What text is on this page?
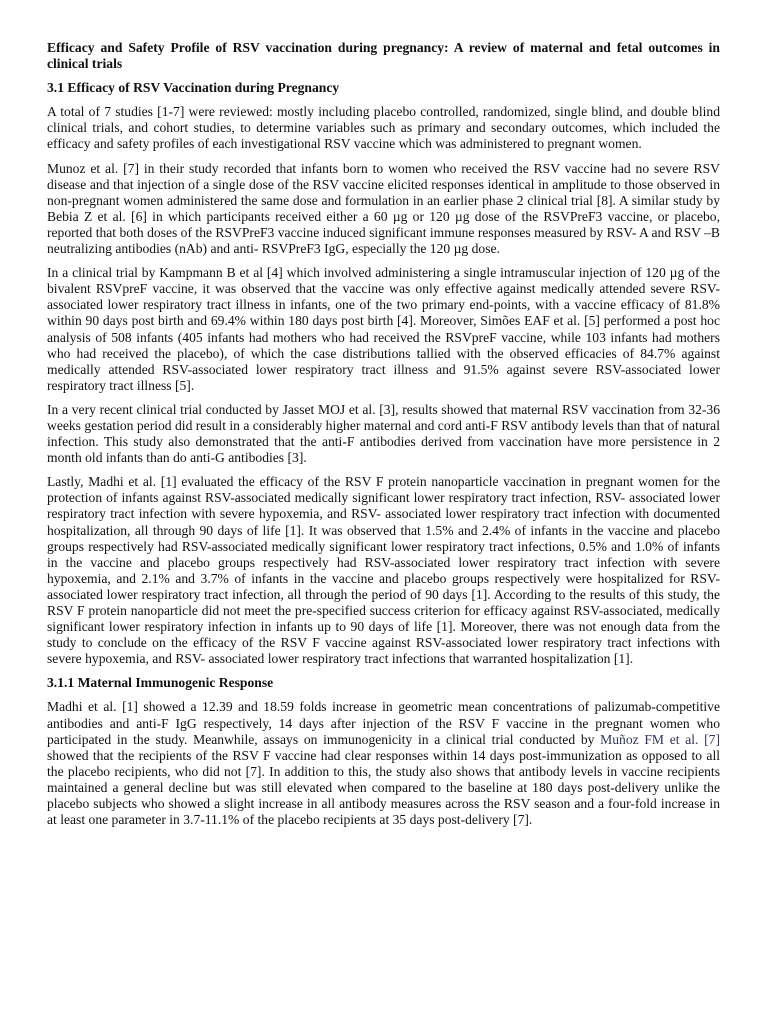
Efficacy and Safety Profile of RSV vaccination during pregnancy: A review of maternal and fetal outcomes in clinical trials

3.1 Efficacy of RSV Vaccination during Pregnancy

A total of 7 studies [1-7] were reviewed: mostly including placebo controlled, randomized, single blind, and double blind clinical trials, and cohort studies, to determine variables such as primary and secondary outcomes, which included the efficacy and safety profiles of each investigational RSV vaccine which was administered to pregnant women.

Munoz et al. [7] in their study recorded that infants born to women who received the RSV vaccine had no severe RSV disease and that injection of a single dose of the RSV vaccine elicited responses identical in amplitude to those observed in non-pregnant women administered the same dose and formulation in an earlier phase 2 clinical trial [8]. A similar study by Bebia Z et al. [6] in which participants received either a 60 µg or 120 µg dose of the RSVPreF3 vaccine, or placebo, reported that both doses of the RSVPreF3 vaccine induced significant immune responses measured by RSV- A and RSV –B neutralizing antibodies (nAb) and anti- RSVPreF3 IgG, especially the 120 µg dose.

In a clinical trial by Kampmann B et al [4] which involved administering a single intramuscular injection of 120 µg of the bivalent RSVpreF vaccine, it was observed that the vaccine was only effective against medically attended severe RSV- associated lower respiratory tract illness in infants, one of the two primary end-points, with a vaccine efficacy of 81.8% within 90 days post birth and 69.4% within 180 days post birth [4]. Moreover, Simões EAF et al. [5] performed a post hoc analysis of 508 infants (405 infants had mothers who had received the RSVpreF vaccine, while 103 infants had mothers who had received the placebo), of which the case distributions tallied with the observed efficacies of 84.7% against medically attended RSV-associated lower respiratory tract illness and 91.5% against severe RSV-associated lower respiratory tract illness [5].

In a very recent clinical trial conducted by Jasset MOJ et al. [3], results showed that maternal RSV vaccination from 32-36 weeks gestation period did result in a considerably higher maternal and cord anti-F RSV antibody levels than that of natural infection. This study also demonstrated that the anti-F antibodies derived from vaccination have more persistence in 2 month old infants than do anti-G antibodies [3].

Lastly, Madhi et al. [1] evaluated the efficacy of the RSV F protein nanoparticle vaccination in pregnant women for the protection of infants against RSV-associated medically significant lower respiratory tract infection, RSV- associated lower respiratory tract infection with severe hypoxemia, and RSV- associated lower respiratory tract infection with documented hospitalization, all through 90 days of life [1]. It was observed that 1.5% and 2.4% of infants in the vaccine and placebo groups respectively had RSV-associated medically significant lower respiratory tract infections, 0.5% and 1.0% of infants in the vaccine and placebo groups respectively had RSV-associated lower respiratory tract infection with severe hypoxemia, and 2.1% and 3.7% of infants in the vaccine and placebo groups respectively were hospitalized for RSV-associated lower respiratory tract infection, all through the period of 90 days [1]. According to the results of this study, the RSV F protein nanoparticle did not meet the pre-specified success criterion for efficacy against RSV-associated, medically significant lower respiratory infection in infants up to 90 days of life [1]. Moreover, there was not enough data from the study to conclude on the efficacy of the RSV F vaccine against RSV-associated lower respiratory tract infections with severe hypoxemia, and RSV- associated lower respiratory tract infections that warranted hospitalization [1].

3.1.1 Maternal Immunogenic Response

Madhi et al. [1] showed a 12.39 and 18.59 folds increase in geometric mean concentrations of palizumab-competitive antibodies and anti-F IgG respectively, 14 days after injection of the RSV F vaccine in the pregnant women who participated in the study. Meanwhile, assays on immunogenicity in a clinical trial conducted by Muñoz FM et al. [7] showed that the recipients of the RSV F vaccine had clear responses within 14 days post-immunization as opposed to all the placebo recipients, who did not [7]. In addition to this, the study also shows that antibody levels in vaccine recipients maintained a general decline but was still elevated when compared to the baseline at 180 days post-delivery unlike the placebo subjects who showed a slight increase in all antibody measures across the RSV season and a four-fold increase in at least one parameter in 3.7-11.1% of the placebo recipients at 35 days post-delivery [7].
